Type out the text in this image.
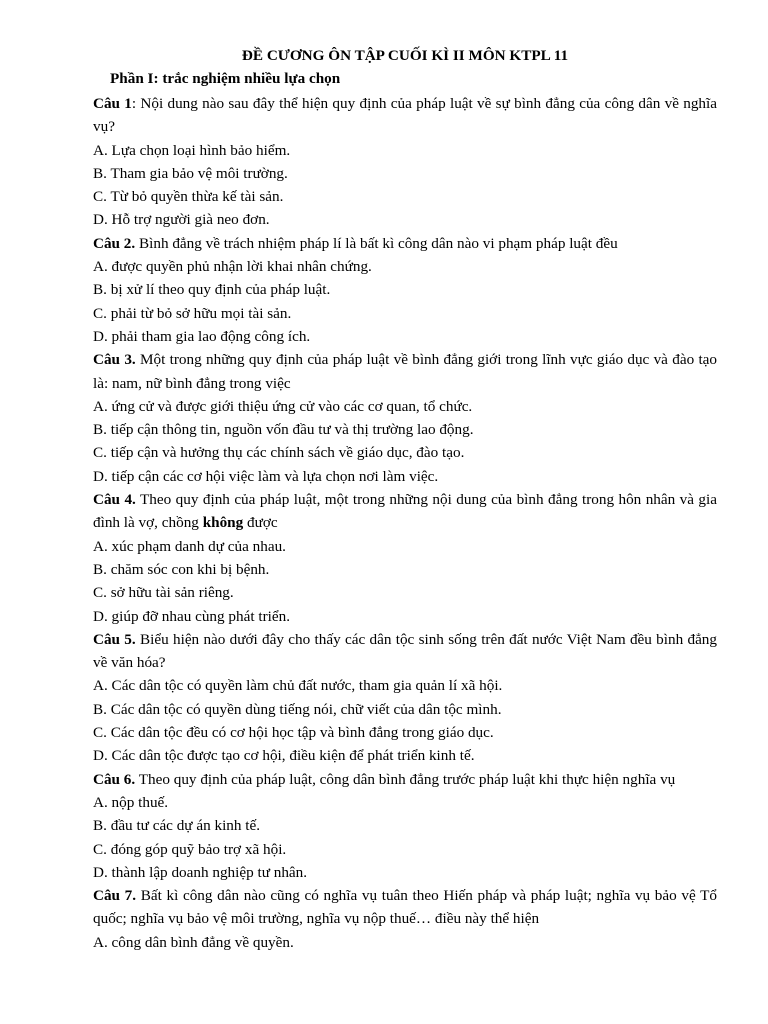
ĐỀ CƯƠNG ÔN TẬP CUỐI KÌ II MÔN KTPL 11

Phần I: trắc nghiệm nhiều lựa chọn

Câu 1: Nội dung nào sau đây thể hiện quy định của pháp luật về sự bình đẳng của công dân về nghĩa vụ?

A. Lựa chọn loại hình bảo hiểm.

B. Tham gia bảo vệ môi trường.

C. Từ bỏ quyền thừa kế tài sản.

D. Hỗ trợ người già neo đơn.

Câu 2. Bình đẳng về trách nhiệm pháp lí là bất kì công dân nào vi phạm pháp luật đều

A. được quyền phủ nhận lời khai nhân chứng.

B. bị xử lí theo quy định của pháp luật.

C. phải từ bỏ sở hữu mọi tài sản.

D. phải tham gia lao động công ích.

Câu 3. Một trong những quy định của pháp luật về bình đẳng giới trong lĩnh vực giáo dục và đào tạo là: nam, nữ bình đẳng trong việc

A. ứng cử và được giới thiệu ứng cử vào các cơ quan, tổ chức.

B. tiếp cận thông tin, nguồn vốn đầu tư và thị trường lao động.

C. tiếp cận và hưởng thụ các chính sách về giáo dục, đào tạo.

D. tiếp cận các cơ hội việc làm và lựa chọn nơi làm việc.

Câu 4. Theo quy định của pháp luật, một trong những nội dung của bình đẳng trong hôn nhân và gia đình là vợ, chồng không được

A. xúc phạm danh dự của nhau.

B. chăm sóc con khi bị bệnh.

C. sở hữu tài sản riêng.

D. giúp đỡ nhau cùng phát triển.

Câu 5. Biểu hiện nào dưới đây cho thấy các dân tộc sinh sống trên đất nước Việt Nam đều bình đẳng về văn hóa?

A. Các dân tộc có quyền làm chủ đất nước, tham gia quản lí xã hội.

B. Các dân tộc có quyền dùng tiếng nói, chữ viết của dân tộc mình.

C. Các dân tộc đều có cơ hội học tập và bình đẳng trong giáo dục.

D. Các dân tộc được tạo cơ hội, điều kiện để phát triển kinh tế.

Câu 6. Theo quy định của pháp luật, công dân bình đẳng trước pháp luật khi thực hiện nghĩa vụ

A. nộp thuế.

B. đầu tư các dự án kinh tế.

C. đóng góp quỹ bảo trợ xã hội.

D. thành lập doanh nghiệp tư nhân.

Câu 7. Bất kì công dân nào cũng có nghĩa vụ tuân theo Hiến pháp và pháp luật; nghĩa vụ bảo vệ Tổ quốc; nghĩa vụ bảo vệ môi trường, nghĩa vụ nộp thuế… điều này thể hiện

A. công dân bình đẳng về quyền.
